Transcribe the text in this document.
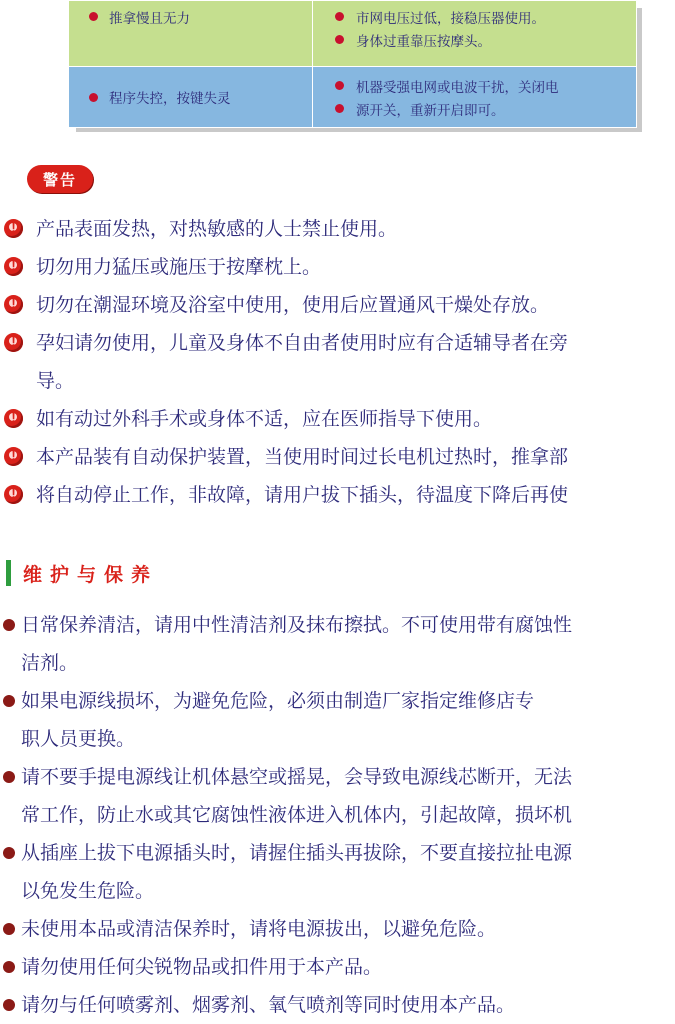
推拿慢且无力	市网电压过低，接稳压器使用。
身体过重靠压按摩头。

程序失控，按键失灵	机器受强电网或电波干扰，关闭电
源开关，重新开启即可。
警告
!
产品表面发热，对热敏感的人士禁止使用。
!
切勿用力猛压或施压于按摩枕上。
!
切勿在潮湿环境及浴室中使用，使用后应置通风干燥处存放。
!
孕妇请勿使用，儿童及身体不自由者使用时应有合适辅导者在旁
导。
!
如有动过外科手术或身体不适，应在医师指导下使用。
!
本产品装有自动保护装置，当使用时间过长电机过热时，推拿部
!
将自动停止工作，非故障，请用户拔下插头，待温度下降后再使
维护与保养
日常保养清洁，请用中性清洁剂及抹布擦拭。不可使用带有腐蚀性
洁剂。
如果电源线损坏，为避免危险，必须由制造厂家指定维修店专
职人员更换。
请不要手提电源线让机体悬空或摇晃，会导致电源线芯断开，无法
常工作，防止水或其它腐蚀性液体进入机体内，引起故障，损坏机
从插座上拔下电源插头时，请握住插头再拔除，不要直接拉扯电源
以免发生危险。
未使用本品或清洁保养时，请将电源拔出，以避免危险。
请勿使用任何尖锐物品或扣件用于本产品。
请勿与任何喷雾剂、烟雾剂、氧气喷剂等同时使用本产品。
